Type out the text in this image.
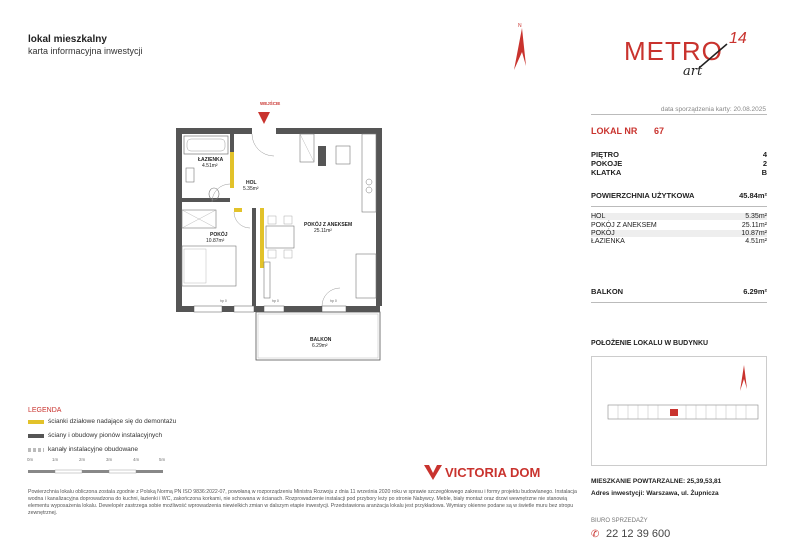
lokal mieszkalny
karta informacyjna inwestycji
N
METRO 14
art
data sporządzenia karty: 20.08.2025
LOKAL NR 67
PIĘTRO	4
POKOJE	2
KLATKA	B
POWIERZCHNIA UŻYTKOWA	45.84m²
HOL	5.35m²
POKÓJ Z ANEKSEM	25.11m²
POKÓJ	10.87m²
ŁAZIENKA	4.51m²
BALKON	6.29m²
POŁOŻENIE LOKALU W BUDYNKU
MIESZKANIE POWTARZALNE: 25,39,53,81
Adres inwestycji: Warszawa, ul. Żupnicza
BIURO SPRZEDAŻY
✆ 22 12 39 600
hp 0	hp 0	hp 0
WEJŚCIE
ŁAZIENKA
4.51m²
HOL
5.35m²
POKÓJ Z ANEKSEM
25.11m²
POKÓJ
10.87m²
BALKON
6.29m²
LEGENDA
ścianki działowe nadające się do demontażu
ściany i obudowy pionów instalacyjnych
kanały instalacyjne obudowane
0m	1m	2m	3m	4m	5m
VICTORIA DOM
Powierzchnia lokalu obliczona zostala zgodnie z Polską Normą PN ISO 9836:2022-07, powołaną w rozporządzeniu Ministra Rozwoju z dnia 11 września 2020 roku w sprawie szczegółowego zakresu i formy projektu budowlanego. Instalacja wodna i kanalizacyjna doprowadzona do kuchni, łazienki i WC, zakończona korkami, nie schowana w ścianach. Rozprowadzenie instalacji pod przybory leży po stronie Nabywcy. Meble, biały montaż oraz drzwi wewnętrzne nie stanowią elementu wyposażenia lokalu. Dewelopér zastrzega sobie możliwość wprowadzenia niewielkich zmian w dalszym etapie inwestycji. Przedstawiona aranżacja lokalu jest przykładowa. Wymiary okienne podane są w świetle muru bez stropu zewnętrznej.
